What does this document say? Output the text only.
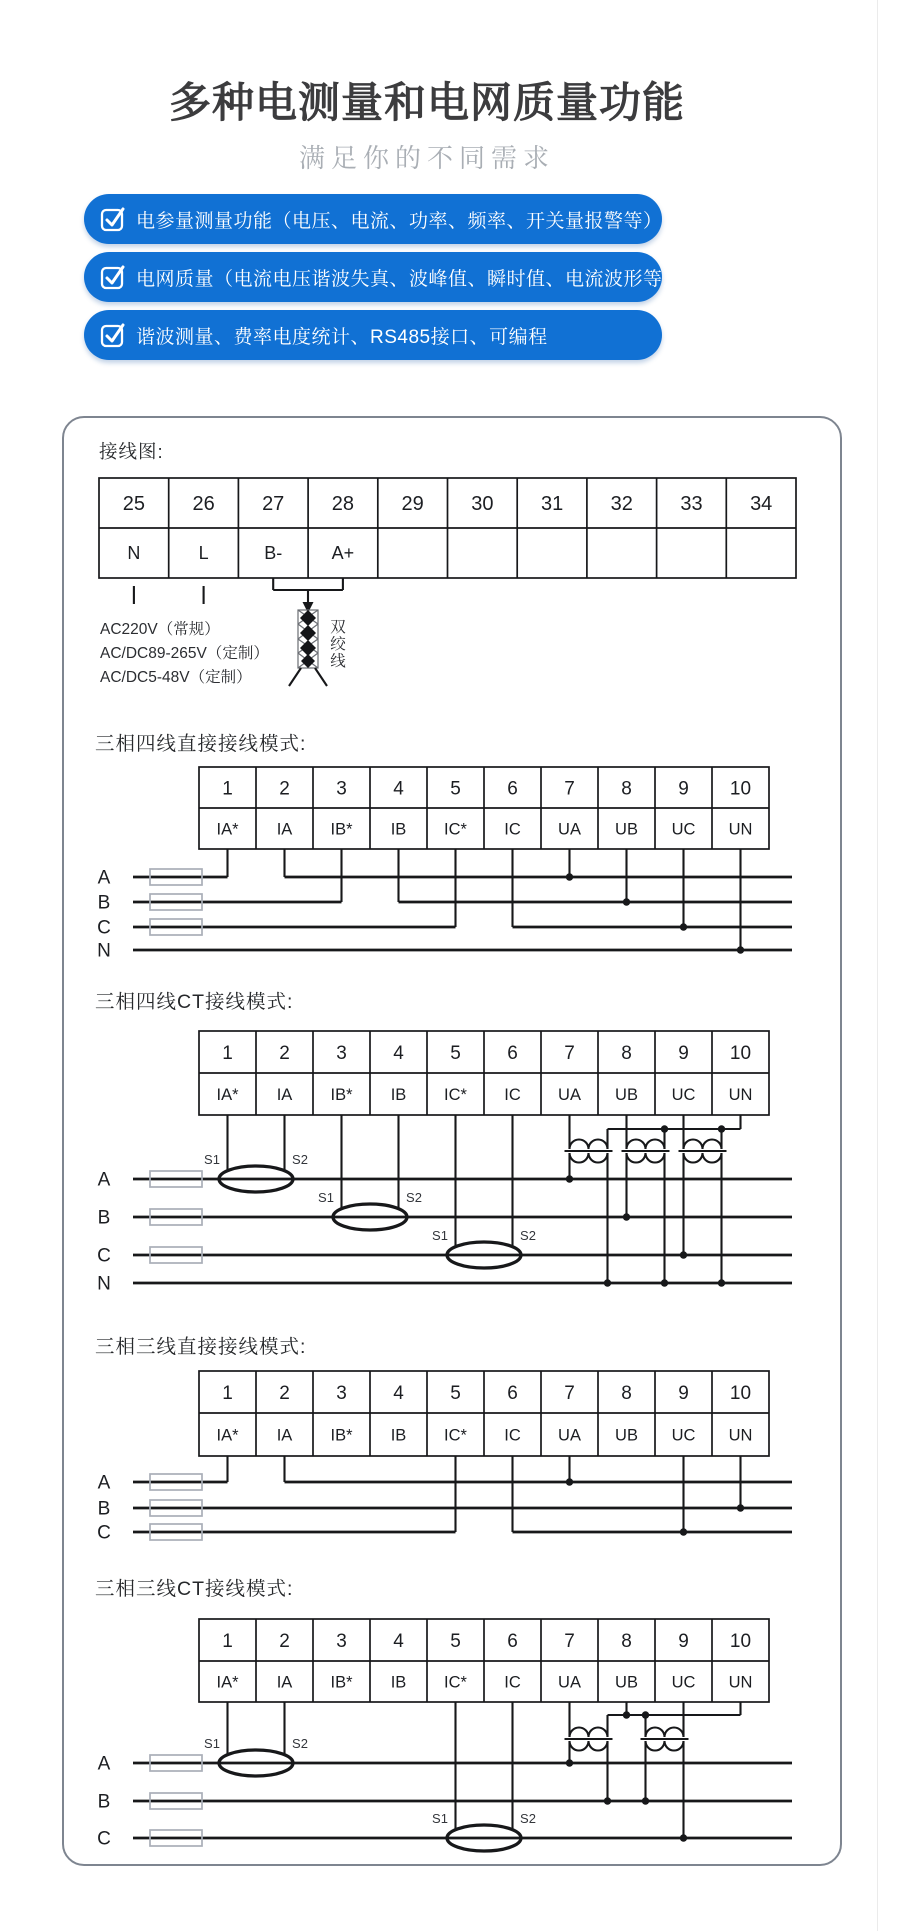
多种电测量和电网质量功能
满足你的不同需求
电参量测量功能（电压、电流、功率、频率、开关量报警等）
电网质量（电流电压谐波失真、波峰值、瞬时值、电流波形等）
谐波测量、费率电度统计、RS485接口、可编程
接线图:
25 26 27 28 29 30 31 32 33 34
N	L	B-	A+
双
绞
线
AC220V（常规）
AC/DC89-265V（定制）
AC/DC5-48V（定制）
三相四线直接接线模式:
1 2 3 4 5 6 7 8 9 10
IA* IA IB* IB IC* IC UA UB UC UN
A
B
C
N
三相四线CT接线模式:
1 2 3 4 5 6 7 8 9 10
IA* IA IB* IB IC* IC UA UB UC UN
A
B
C
N
S1	S2
S1	S2
S1	S2
三相三线直接接线模式:
1 2 3 4 5 6 7 8 9 10
IA* IA IB* IB IC* IC UA UB UC UN
A
B
C
三相三线CT接线模式:
1 2 3 4 5 6 7 8 9 10
IA* IA IB* IB IC* IC UA UB UC UN
A
B
C
S1	S2
S1	S2
